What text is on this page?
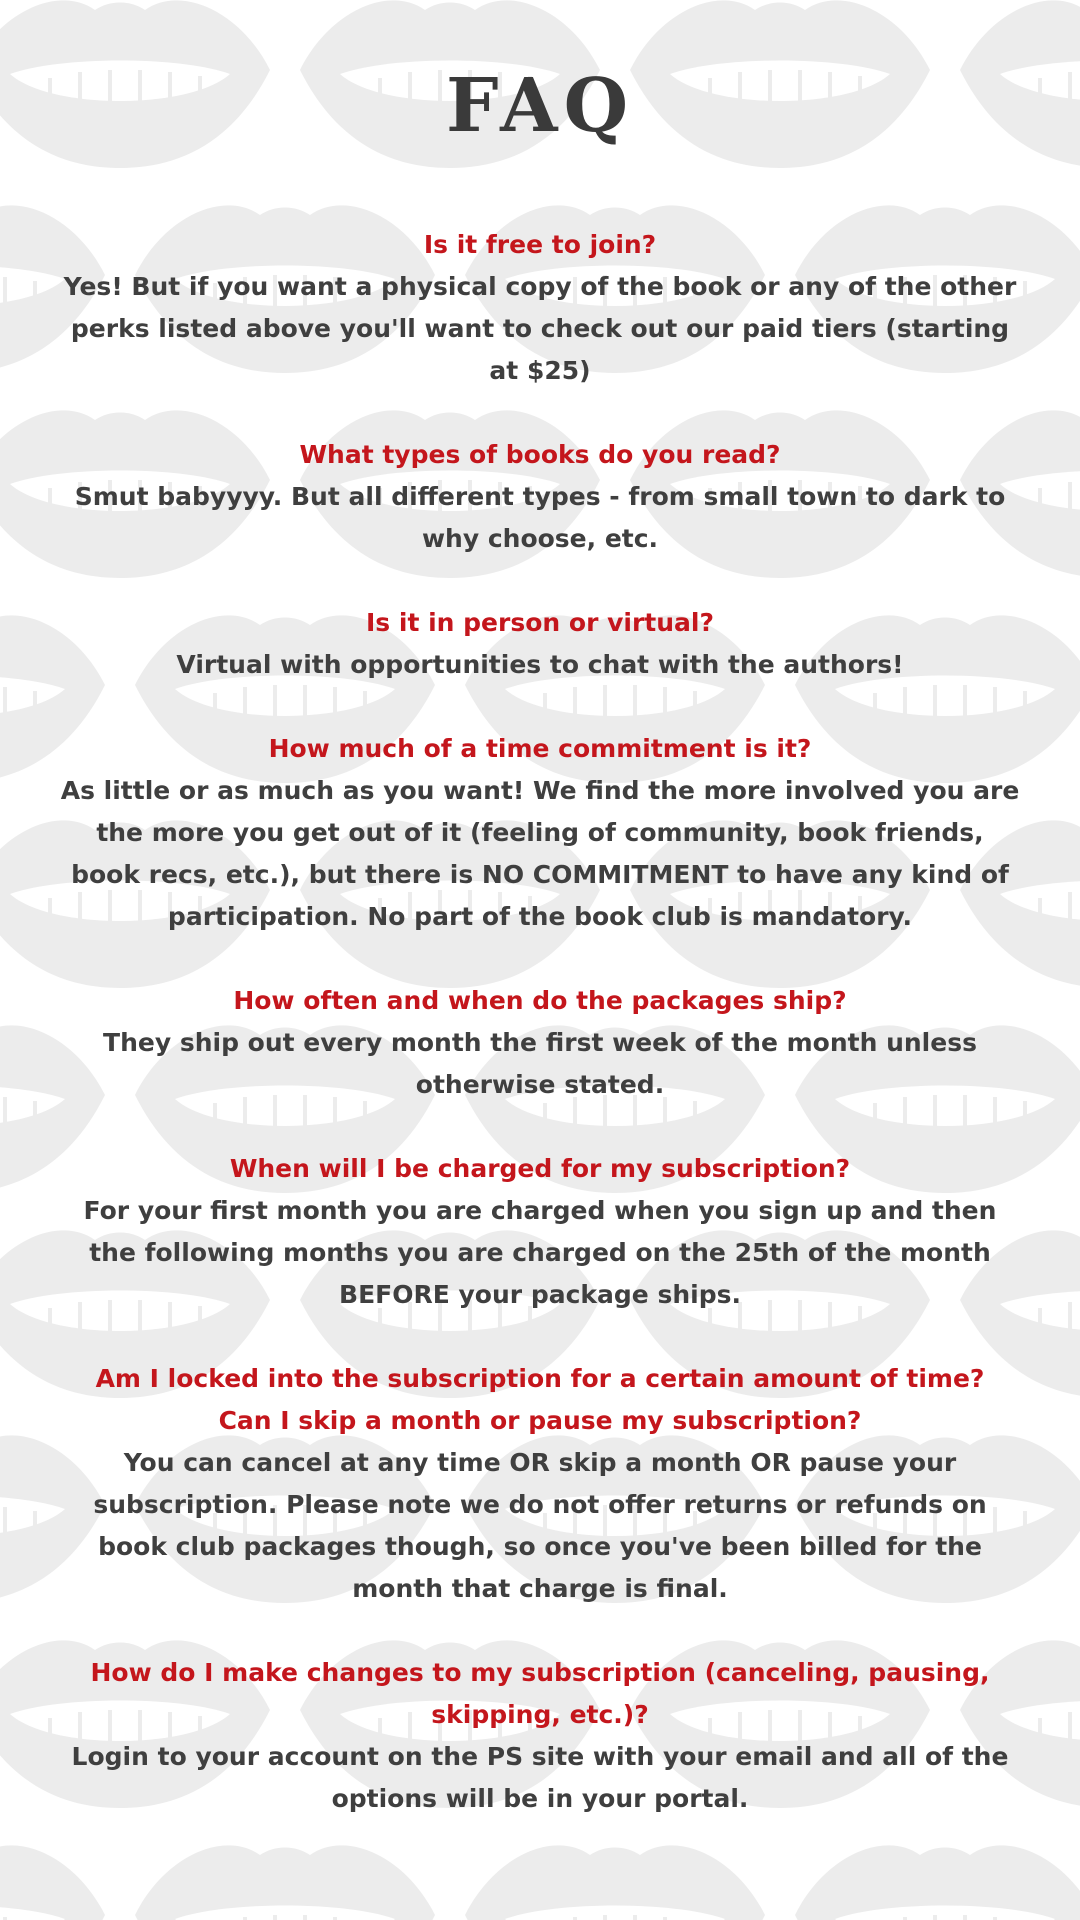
FAQ

Is it free to join?

Yes! But if you want a physical copy of the book or any of the other perks listed above you'll want to check out our paid tiers (starting at $25)

What types of books do you read?

Smut babyyyy. But all different types - from small town to dark to why choose, etc.

Is it in person or virtual?

Virtual with opportunities to chat with the authors!

How much of a time commitment is it?

As little or as much as you want! We find the more involved you are the more you get out of it (feeling of community, book friends, book recs, etc.), but there is NO COMMITMENT to have any kind of participation. No part of the book club is mandatory.

How often and when do the packages ship?

They ship out every month the first week of the month unless otherwise stated.

When will I be charged for my subscription?

For your first month you are charged when you sign up and then the following months you are charged on the 25th of the month BEFORE your package ships.

Am I locked into the subscription for a certain amount of time?
Can I skip a month or pause my subscription?

You can cancel at any time OR skip a month OR pause your subscription. Please note we do not offer returns or refunds on book club packages though, so once you've been billed for the month that charge is final.

How do I make changes to my subscription (canceling, pausing, skipping, etc.)?

Login to your account on the PS site with your email and all of the options will be in your portal.
